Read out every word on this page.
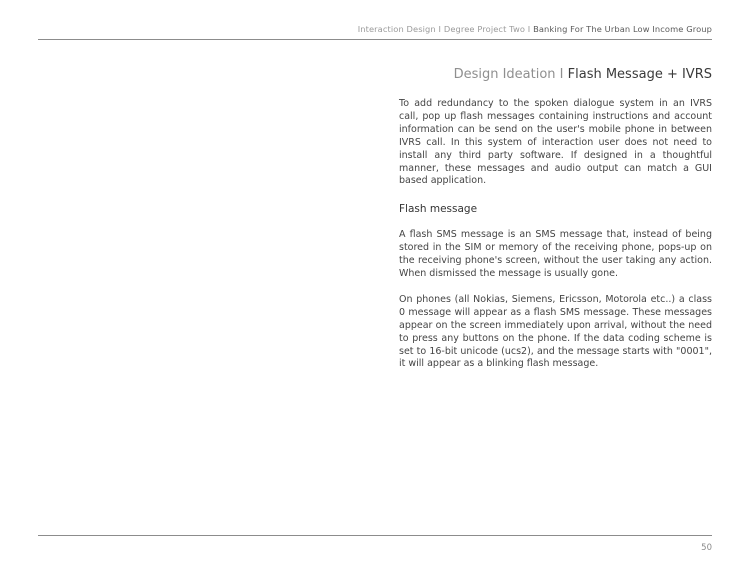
Interaction Design I Degree Project Two I Banking For The Urban Low Income Group
Design Ideation I Flash Message + IVRS

To add redundancy to the spoken dialogue system in an IVRS call, pop up flash messages containing instructions and account information can be send on the user's mobile phone in between IVRS call. In this system of interaction user does not need to install any third party software. If designed in a thoughtful manner, these messages and audio output can match a GUI based application.

Flash message

A flash SMS message is an SMS message that, instead of being stored in the SIM or memory of the receiving phone, pops-up on the receiving phone's screen, without the user taking any action. When dismissed the message is usually gone.

On phones (all Nokias, Siemens, Ericsson, Motorola etc..) a class 0 message will appear as a flash SMS message. These messages appear on the screen immediately upon arrival, without the need to press any buttons on the phone. If the data coding scheme is set to 16-bit unicode (ucs2), and the message starts with "0001", it will appear as a blinking flash message.

50
